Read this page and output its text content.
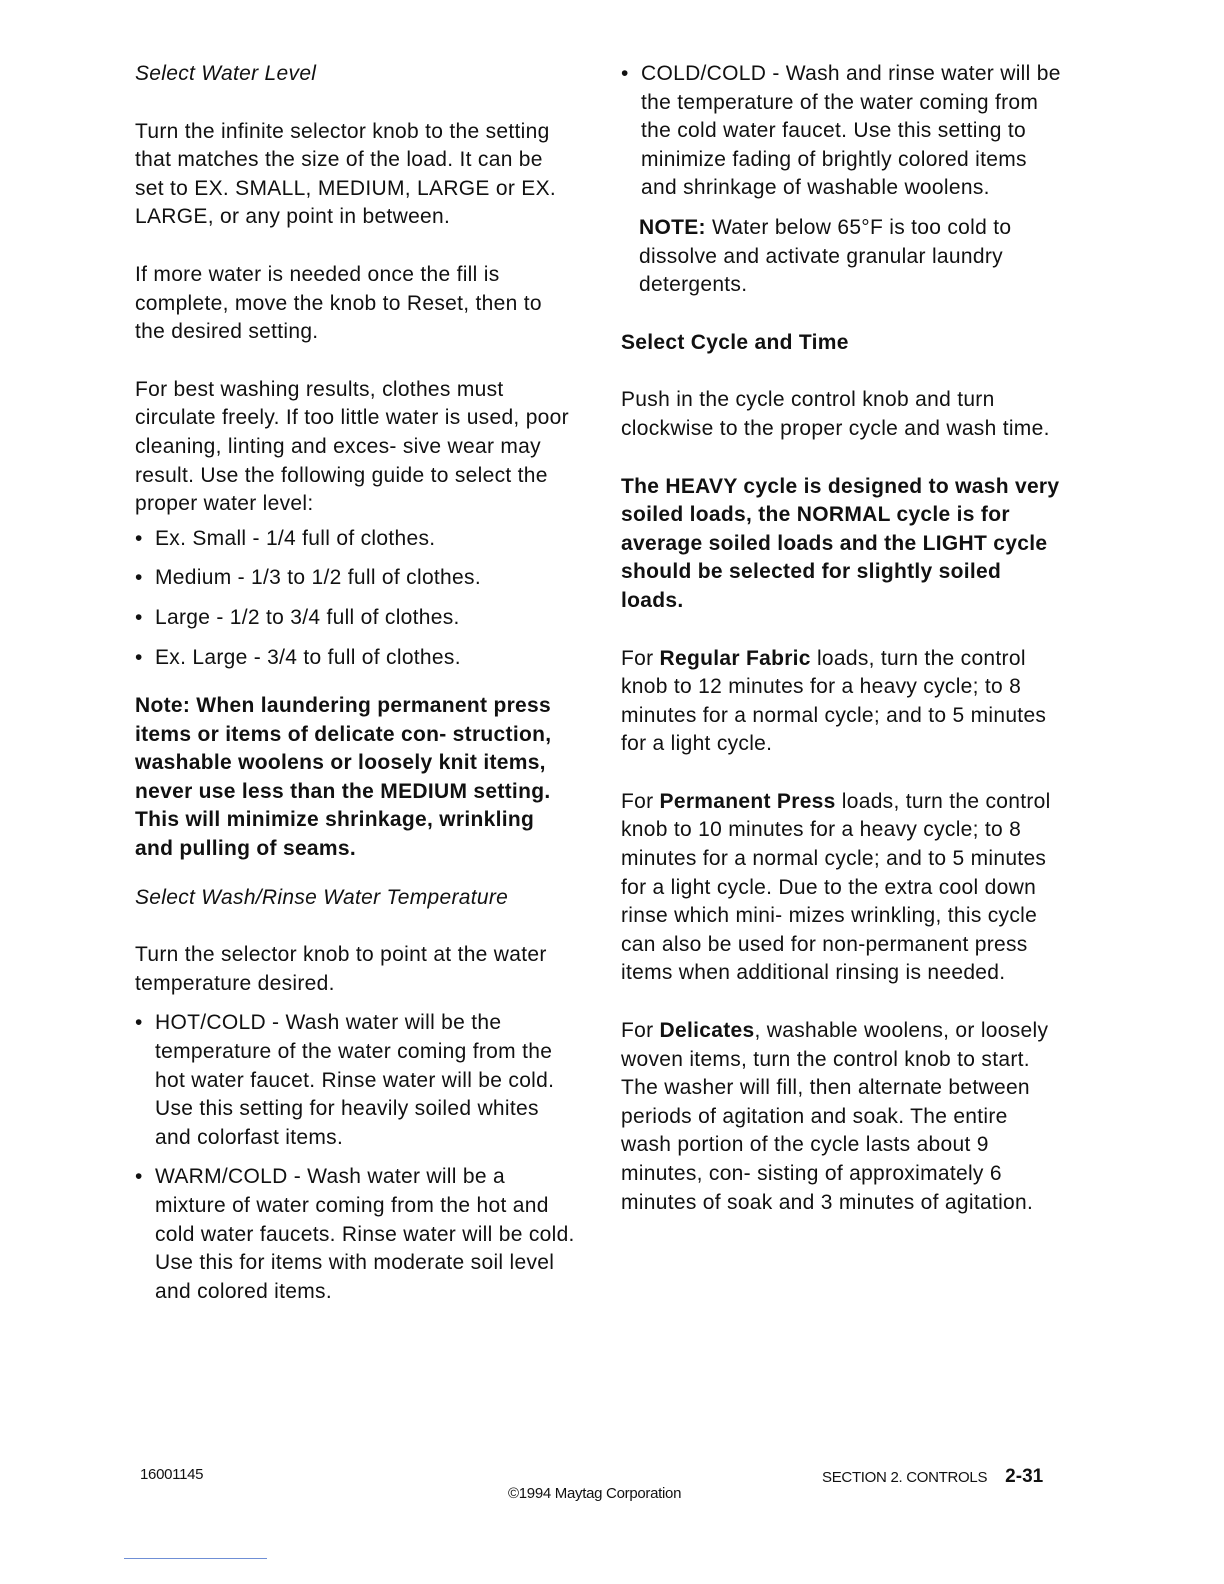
Select Water Level

Turn the infinite selector knob to the setting that matches the size of the load. It can be set to EX. SMALL, MEDIUM, LARGE or EX. LARGE, or any point in between.

If more water is needed once the fill is complete, move the knob to Reset, then to the desired setting.

For best washing results, clothes must circulate freely. If too little water is used, poor cleaning, linting and exces- sive wear may result. Use the following guide to select the proper water level:

• Ex. Small - 1/4 full of clothes.
• Medium - 1/3 to 1/2 full of clothes.
• Large - 1/2 to 3/4 full of clothes.
• Ex. Large - 3/4 to full of clothes.

Note: When laundering permanent press items or items of delicate con- struction, washable woolens or loosely knit items, never use less than the MEDIUM setting. This will minimize shrinkage, wrinkling and pulling of seams.

Select Wash/Rinse Water Temperature

Turn the selector knob to point at the water temperature desired.

• HOT/COLD - Wash water will be the temperature of the water coming from the hot water faucet. Rinse water will be cold. Use this setting for heavily soiled whites and colorfast items.
• WARM/COLD - Wash water will be a mixture of water coming from the hot and cold water faucets. Rinse water will be cold. Use this for items with moderate soil level and colored items.
• COLD/COLD - Wash and rinse water will be the temperature of the water coming from the cold water faucet. Use this setting to minimize fading of brightly colored items and shrinkage of washable woolens.

NOTE: Water below 65°F is too cold to dissolve and activate granular laundry detergents.

Select Cycle and Time

Push in the cycle control knob and turn clockwise to the proper cycle and wash time.

The HEAVY cycle is designed to wash very soiled loads, the NORMAL cycle is for average soiled loads and the LIGHT cycle should be selected for slightly soiled loads.

For Regular Fabric loads, turn the control knob to 12 minutes for a heavy cycle; to 8 minutes for a normal cycle; and to 5 minutes for a light cycle.

For Permanent Press loads, turn the control knob to 10 minutes for a heavy cycle; to 8 minutes for a normal cycle; and to 5 minutes for a light cycle. Due to the extra cool down rinse which mini- mizes wrinkling, this cycle can also be used for non-permanent press items when additional rinsing is needed.

For Delicates, washable woolens, or loosely woven items, turn the control knob to start. The washer will fill, then alternate between periods of agitation and soak. The entire wash portion of the cycle lasts about 9 minutes, con- sisting of approximately 6 minutes of soak and 3 minutes of agitation.

16001145
©1994 Maytag Corporation
SECTION 2. CONTROLS 2-31
